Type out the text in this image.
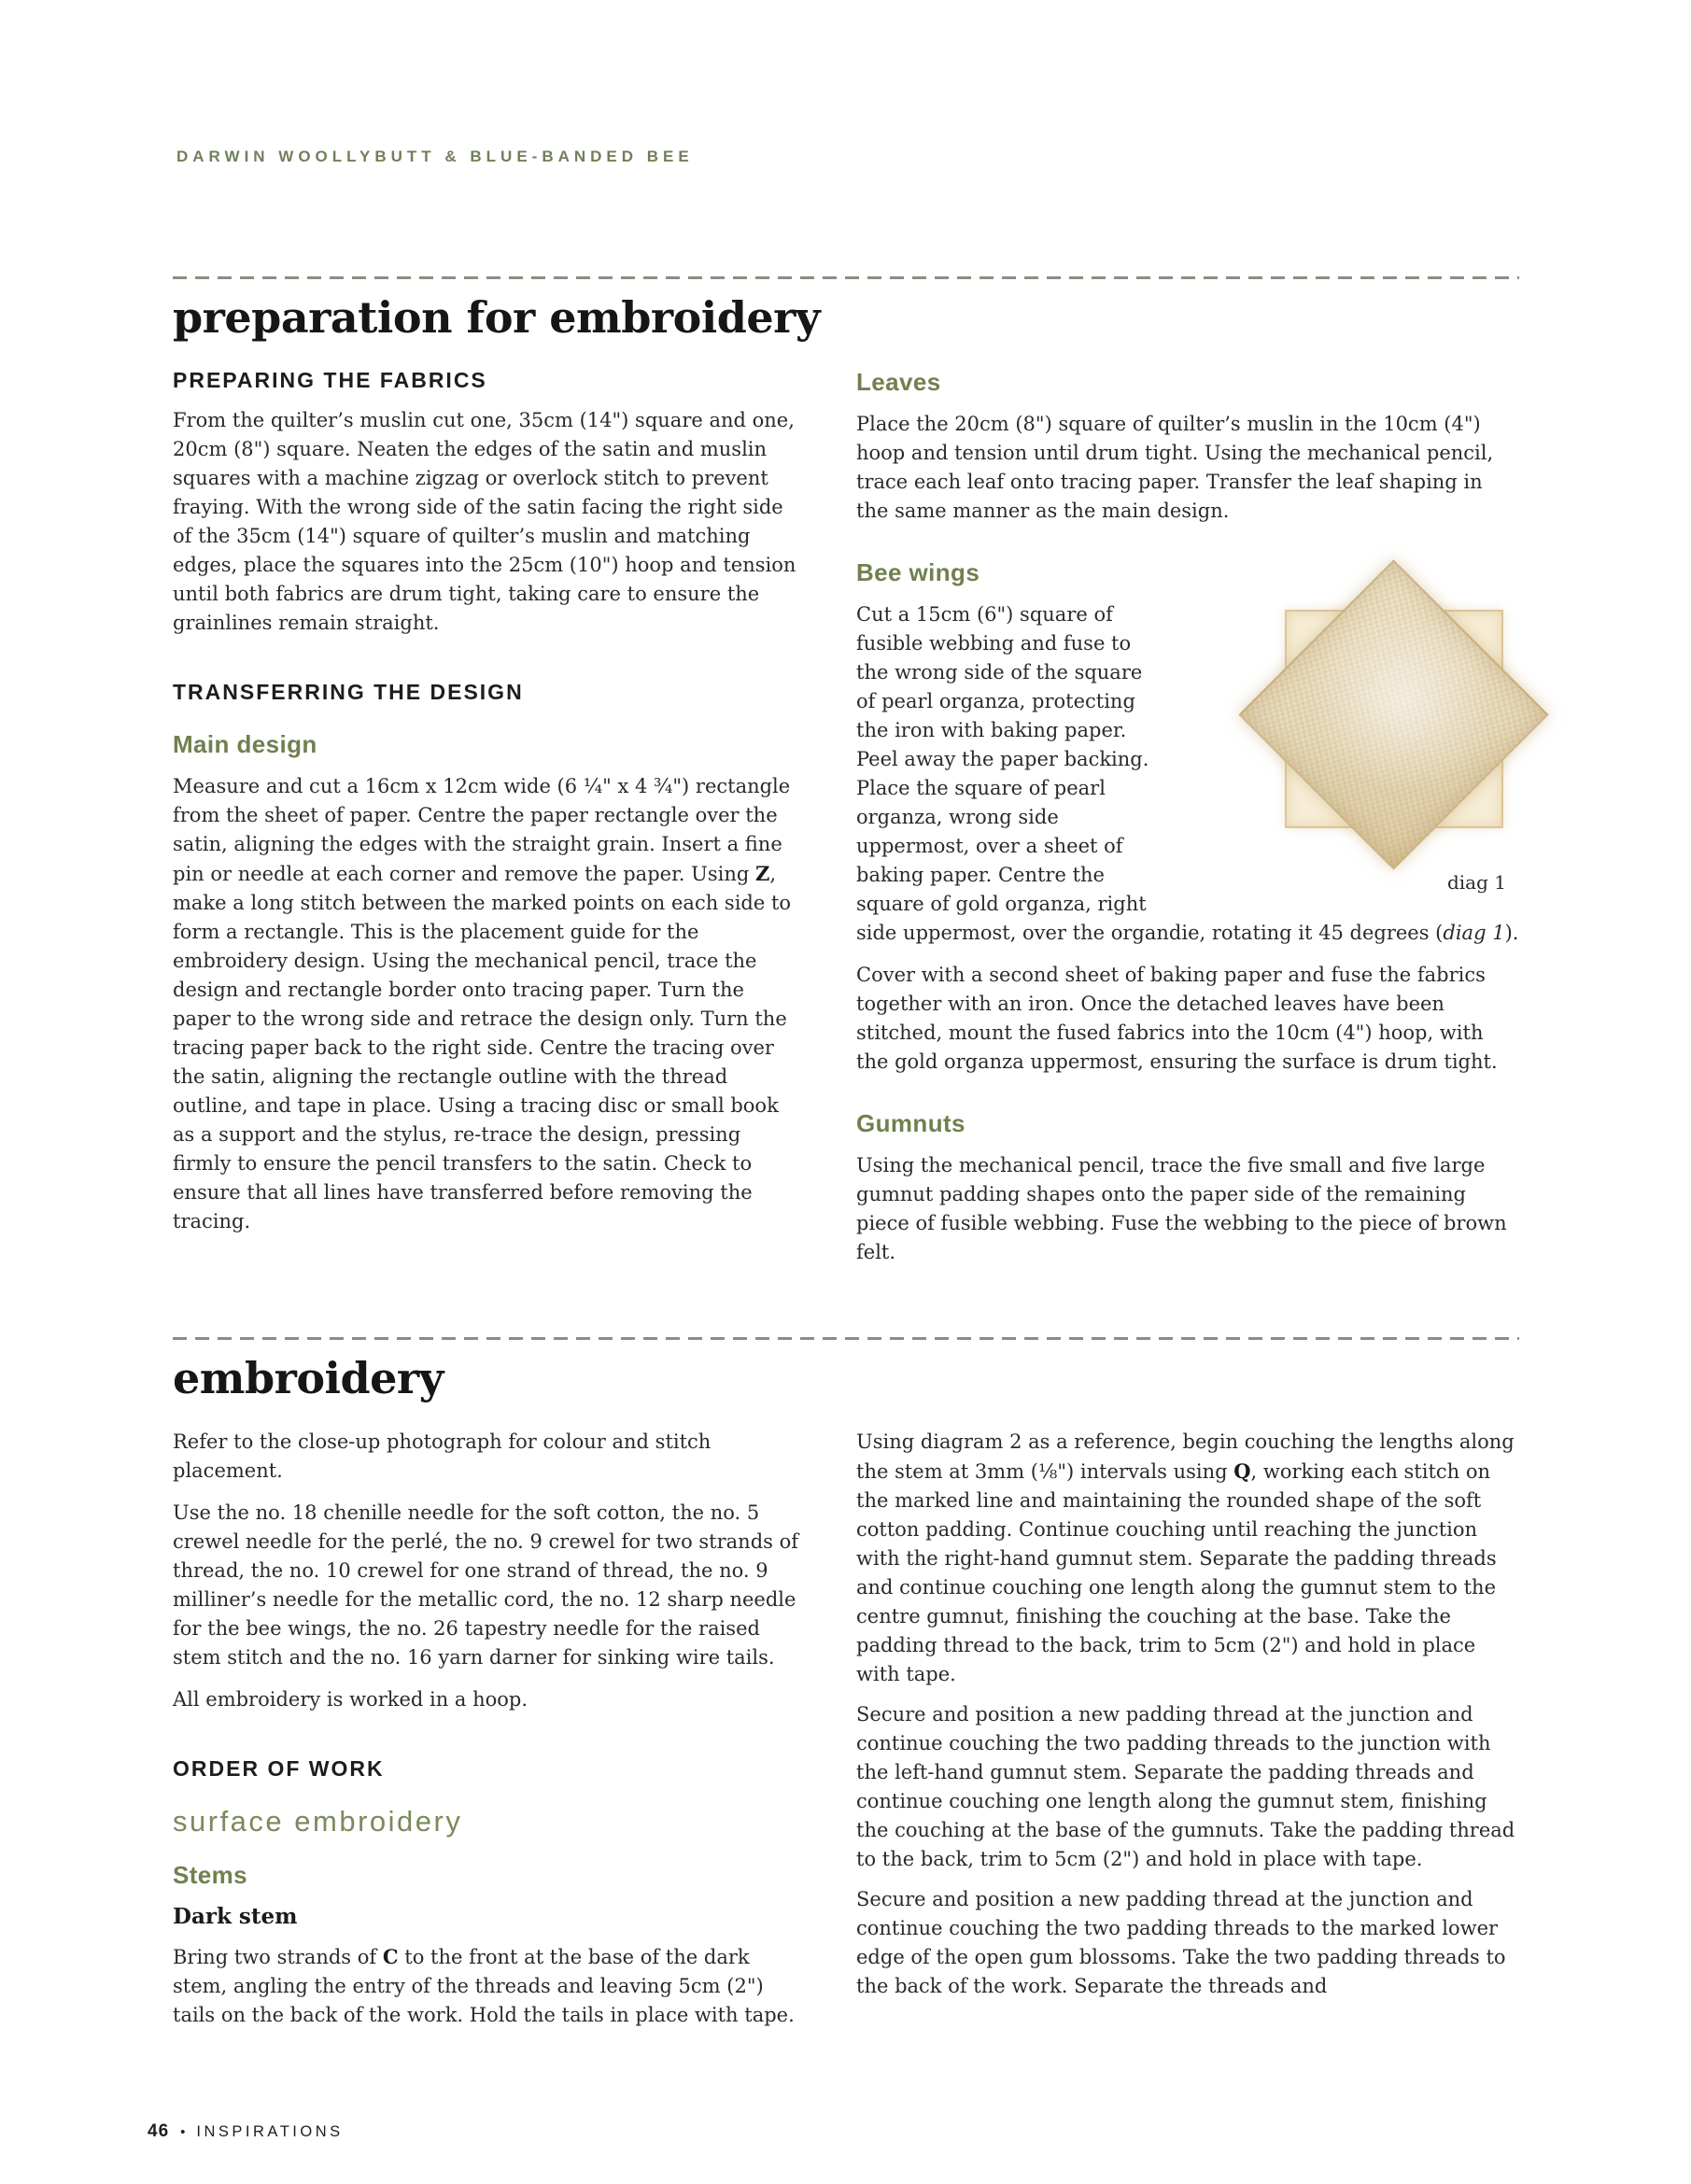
DARWIN WOOLLYBUTT & BLUE-BANDED BEE
preparation for embroidery
PREPARING THE FABRICS

From the quilter’s muslin cut one, 35cm (14") square and one, 20cm (8") square. Neaten the edges of the satin and muslin squares with a machine zigzag or overlock stitch to prevent fraying. With the wrong side of the satin facing the right side of the 35cm (14") square of quilter’s muslin and matching edges, place the squares into the 25cm (10") hoop and tension until both fabrics are drum tight, taking care to ensure the grainlines remain straight.

TRANSFERRING THE DESIGN
Main design

Measure and cut a 16cm x 12cm wide (6 ¼" x 4 ¾") rectangle from the sheet of paper. Centre the paper rectangle over the satin, aligning the edges with the straight grain. Insert a fine pin or needle at each corner and remove the paper. Using Z, make a long stitch between the marked points on each side to form a rectangle. This is the placement guide for the embroidery design. Using the mechanical pencil, trace the design and rectangle border onto tracing paper. Turn the paper to the wrong side and retrace the design only. Turn the tracing paper back to the right side. Centre the tracing over the satin, aligning the rectangle outline with the thread outline, and tape in place. Using a tracing disc or small book as a support and the stylus, re-trace the design, pressing firmly to ensure the pencil transfers to the satin. Check to ensure that all lines have transferred before removing the tracing.

Leaves

Place the 20cm (8") square of quilter’s muslin in the 10cm (4") hoop and tension until drum tight. Using the mechanical pencil, trace each leaf onto tracing paper. Transfer the leaf shaping in the same manner as the main design.

Bee wings
diag 1

Cut a 15cm (6") square of fusible webbing and fuse to the wrong side of the square of pearl organza, protecting the iron with baking paper. Peel away the paper backing. Place the square of pearl organza, wrong side uppermost, over a sheet of baking paper. Centre the square of gold organza, right side uppermost, over the organdie, rotating it 45 degrees (diag 1).

Cover with a second sheet of baking paper and fuse the fabrics together with an iron. Once the detached leaves have been stitched, mount the fused fabrics into the 10cm (4") hoop, with the gold organza uppermost, ensuring the surface is drum tight.

Gumnuts

Using the mechanical pencil, trace the five small and five large gumnut padding shapes onto the paper side of the remaining piece of fusible webbing. Fuse the webbing to the piece of brown felt.

embroidery

Refer to the close-up photograph for colour and stitch placement.

Use the no. 18 chenille needle for the soft cotton, the no. 5 crewel needle for the perlé, the no. 9 crewel for two strands of thread, the no. 10 crewel for one strand of thread, the no. 9 milliner’s needle for the metallic cord, the no. 12 sharp needle for the bee wings, the no. 26 tapestry needle for the raised stem stitch and the no. 16 yarn darner for sinking wire tails.

All embroidery is worked in a hoop.

ORDER OF WORK
surface embroidery
Stems
Dark stem

Bring two strands of C to the front at the base of the dark stem, angling the entry of the threads and leaving 5cm (2") tails on the back of the work. Hold the tails in place with tape.

Using diagram 2 as a reference, begin couching the lengths along the stem at 3mm (⅛") intervals using Q, working each stitch on the marked line and maintaining the rounded shape of the soft cotton padding. Continue couching until reaching the junction with the right-hand gumnut stem. Separate the padding threads and continue couching one length along the gumnut stem to the centre gumnut, finishing the couching at the base. Take the padding thread to the back, trim to 5cm (2") and hold in place with tape.

Secure and position a new padding thread at the junction and continue couching the two padding threads to the junction with the left-hand gumnut stem. Separate the padding threads and continue couching one length along the gumnut stem, finishing the couching at the base of the gumnuts. Take the padding thread to the back, trim to 5cm (2") and hold in place with tape.

Secure and position a new padding thread at the junction and continue couching the two padding threads to the marked lower edge of the open gum blossoms. Take the two padding threads to the back of the work. Separate the threads and

46 • INSPIRATIONS
